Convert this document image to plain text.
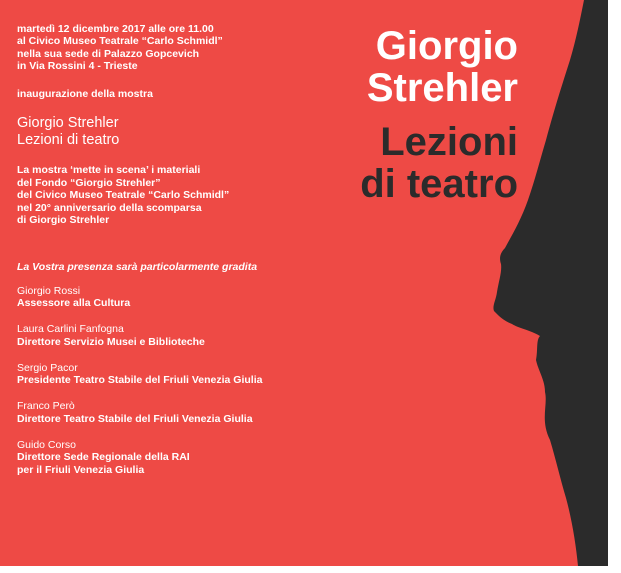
martedì 12 dicembre 2017 alle ore 11.00

al Civico Museo Teatrale “Carlo Schmidl”

nella sua sede di Palazzo Gopcevich

in Via Rossini 4 - Trieste

inaugurazione della mostra
Giorgio Strehler
Lezioni di teatro

La mostra ‘mette in scena’ i materiali

del Fondo “Giorgio Strehler”

del Civico Museo Teatrale “Carlo Schmidl”

nel 20° anniversario della scomparsa

di Giorgio Strehler

La Vostra presenza sarà particolarmente gradita
Giorgio Rossi
Assessore alla Cultura
Laura Carlini Fanfogna
Direttore Servizio Musei e Biblioteche
Sergio Pacor
Presidente Teatro Stabile del Friuli Venezia Giulia
Franco Però
Direttore Teatro Stabile del Friuli Venezia Giulia
Guido Corso
Direttore Sede Regionale della RAI
per il Friuli Venezia Giulia
Giorgio
Strehler
Lezioni
di teatro
